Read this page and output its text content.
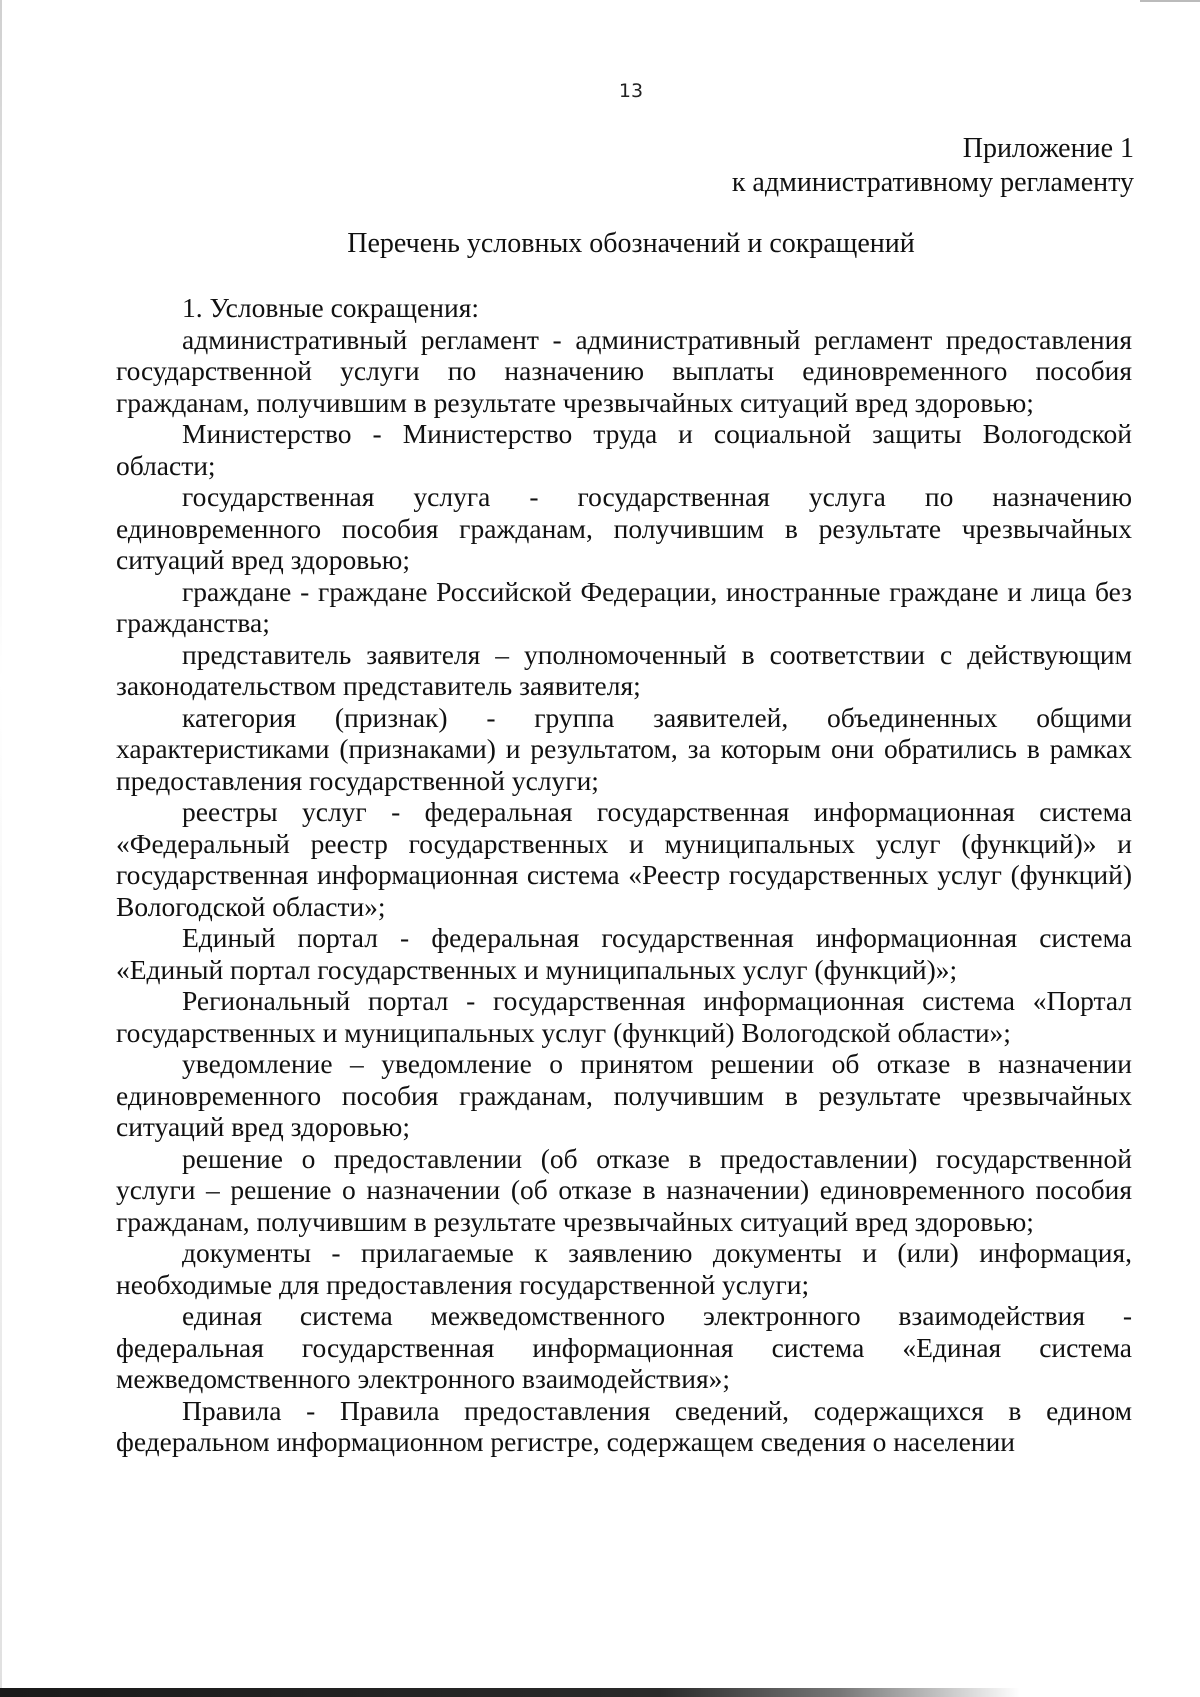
13
Приложение 1
к административному регламенту
Перечень условных обозначений и сокращений

1. Условные сокращения:

административный регламент - административный регламент предоставления государственной услуги по назначению выплаты единовременного пособия гражданам, получившим в результате чрезвычайных ситуаций вред здоровью;

Министерство - Министерство труда и социальной защиты Вологодской области;

государственная услуга - государственная услуга по назначению единовременного пособия гражданам, получившим в результате чрезвычайных ситуаций вред здоровью;

граждане - граждане Российской Федерации, иностранные граждане и лица без гражданства;

представитель заявителя – уполномоченный в соответствии с действующим законодательством представитель заявителя;

категория (признак) - группа заявителей, объединенных общими характеристиками (признаками) и результатом, за которым они обратились в рамках предоставления государственной услуги;

реестры услуг - федеральная государственная информационная система «Федеральный реестр государственных и муниципальных услуг (функций)» и государственная информационная система «Реестр государственных услуг (функций) Вологодской области»;

Единый портал - федеральная государственная информационная система «Единый портал государственных и муниципальных услуг (функций)»;

Региональный портал - государственная информационная система «Портал государственных и муниципальных услуг (функций) Вологодской области»;

уведомление – уведомление о принятом решении об отказе в назначении единовременного пособия гражданам, получившим в результате чрезвычайных ситуаций вред здоровью;

решение о предоставлении (об отказе в предоставлении) государственной услуги – решение о назначении (об отказе в назначении) единовременного пособия гражданам, получившим в результате чрезвычайных ситуаций вред здоровью;

документы - прилагаемые к заявлению документы и (или) информация, необходимые для предоставления государственной услуги;

единая система межведомственного электронного взаимодействия - федеральная государственная информационная система «Единая система межведомственного электронного взаимодействия»;

Правила - Правила предоставления сведений, содержащихся в едином федеральном информационном регистре, содержащем сведения о населении
